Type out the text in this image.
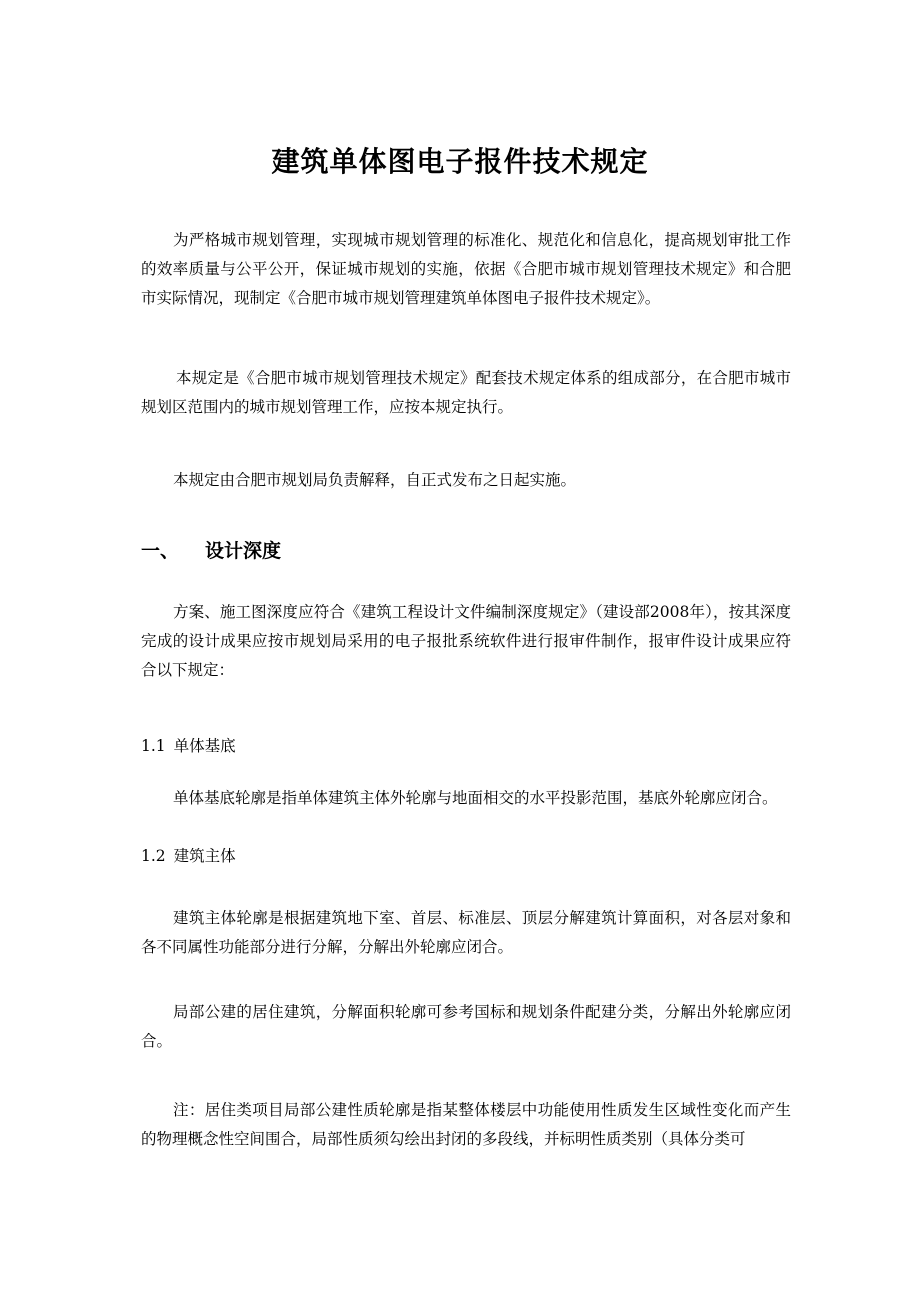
建筑单体图电子报件技术规定

为严格城市规划管理，实现城市规划管理的标准化、规范化和信息化，提高规划审批工作的效率质量与公平公开，保证城市规划的实施，依据《合肥市城市规划管理技术规定》和合肥市实际情况，现制定《合肥市城市规划管理建筑单体图电子报件技术规定》。

本规定是《合肥市城市规划管理技术规定》配套技术规定体系的组成部分，在合肥市城市规划区范围内的城市规划管理工作，应按本规定执行。

本规定由合肥市规划局负责解释，自正式发布之日起实施。

一、 设计深度

方案、施工图深度应符合《建筑工程设计文件编制深度规定》（建设部2008年），按其深度完成的设计成果应按市规划局采用的电子报批系统软件进行报审件制作，报审件设计成果应符合以下规定：

1.1 单体基底

单体基底轮廓是指单体建筑主体外轮廓与地面相交的水平投影范围，基底外轮廓应闭合。

1.2 建筑主体

建筑主体轮廓是根据建筑地下室、首层、标准层、顶层分解建筑计算面积，对各层对象和各不同属性功能部分进行分解，分解出外轮廓应闭合。

局部公建的居住建筑，分解面积轮廓可参考国标和规划条件配建分类，分解出外轮廓应闭合。

注：居住类项目局部公建性质轮廓是指某整体楼层中功能使用性质发生区域性变化而产生的物理概念性空间围合，局部性质须勾绘出封闭的多段线，并标明性质类别（具体分类可
